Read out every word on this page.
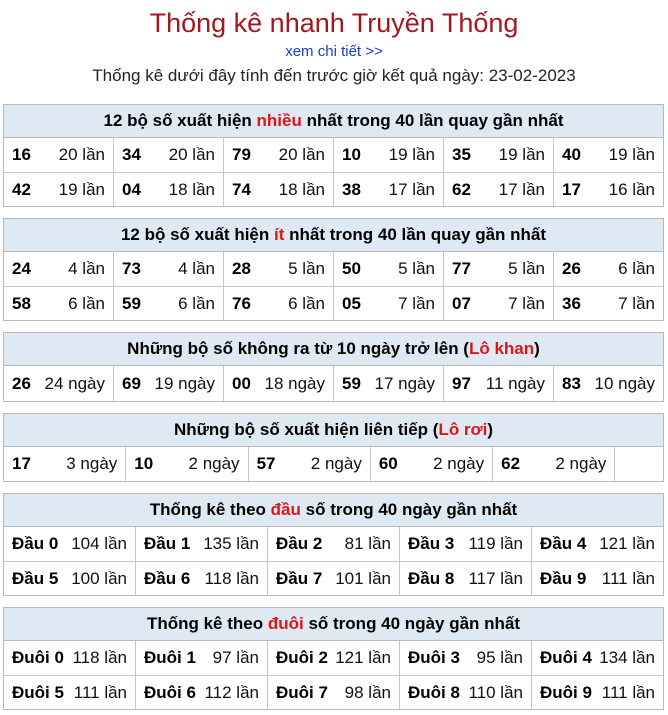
Thống kê nhanh Truyền Thống
xem chi tiết >>
Thống kê dưới đây tính đến trước giờ kết quả ngày: 23-02-2023
12 bộ số xuất hiện nhiều nhất trong 40 lần quay gần nhất
16 20 lần 34 20 lần 79 20 lần 10 19 lần 35 19 lần 40 19 lần
42 19 lần 04 18 lần 74 18 lần 38 17 lần 62 17 lần 17 16 lần
12 bộ số xuất hiện ít nhất trong 40 lần quay gần nhất
24 4 lần 73 4 lần 28 5 lần 50 5 lần 77 5 lần 26 6 lần
58 6 lần 59 6 lần 76 6 lần 05 7 lần 07 7 lần 36 7 lần
Những bộ số không ra từ 10 ngày trở lên ( Lô khan )
26 24 ngày 69 19 ngày 00 18 ngày 59 17 ngày 97 11 ngày 83 10 ngày
Những bộ số xuất hiện liên tiếp ( Lô rơi )
17 3 ngày 10 2 ngày 57 2 ngày 60 2 ngày 62 2 ngày
Thống kê theo đầu số trong 40 ngày gần nhất
Đầu 0 104 lần Đầu 1 135 lần Đầu 2 81 lần Đầu 3 119 lần Đầu 4 121 lần
Đầu 5 100 lần Đầu 6 118 lần Đầu 7 101 lần Đầu 8 117 lần Đầu 9 111 lần
Thống kê theo đuôi số trong 40 ngày gần nhất
Đuôi 0 118 lần Đuôi 1 97 lần Đuôi 2 121 lần Đuôi 3 95 lần Đuôi 4 134 lần
Đuôi 5 111 lần Đuôi 6 112 lần Đuôi 7 98 lần Đuôi 8 110 lần Đuôi 9 111 lần
